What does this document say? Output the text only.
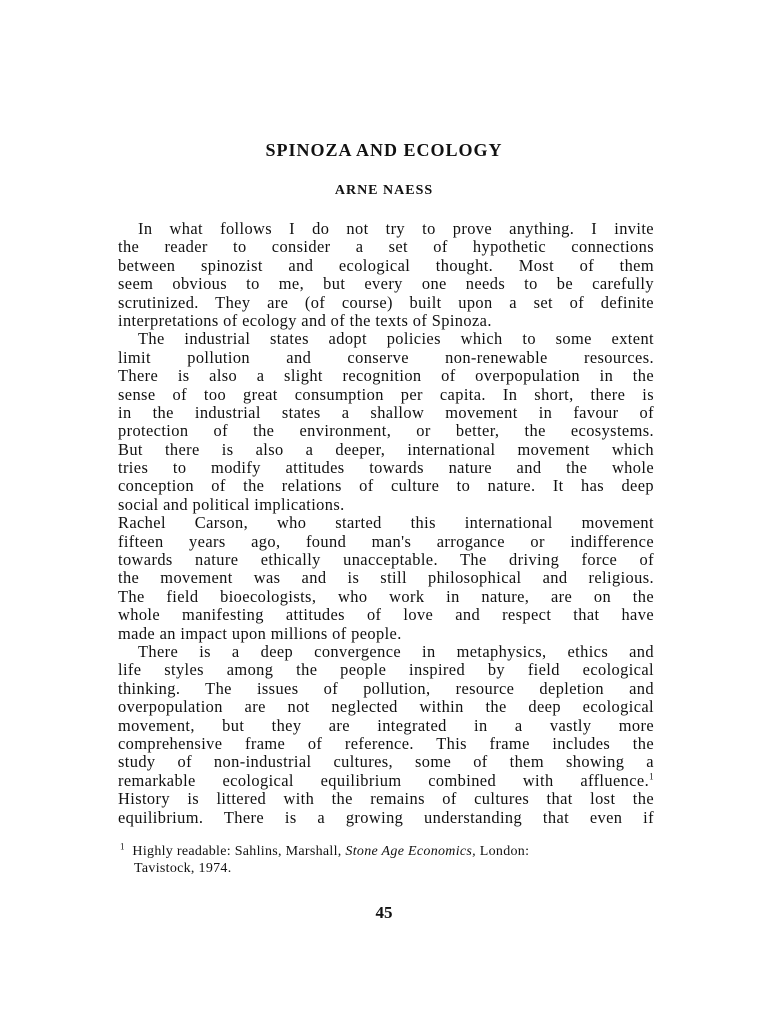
SPINOZA AND ECOLOGY
ARNE NAESS
In what follows I do not try to prove anything. I invite
the reader to consider a set of hypothetic connections
between spinozist and ecological thought. Most of them
seem obvious to me, but every one needs to be carefully
scrutinized. They are (of course) built upon a set of definite
interpretations of ecology and of the texts of Spinoza.
The industrial states adopt policies which to some extent
limit pollution and conserve non-renewable resources.
There is also a slight recognition of overpopulation in the
sense of too great consumption per capita. In short, there is
in the industrial states a shallow movement in favour of
protection of the environment, or better, the ecosystems.
But there is also a deeper, international movement which
tries to modify attitudes towards nature and the whole
conception of the relations of culture to nature. It has deep
social and political implications.
Rachel Carson, who started this international movement
fifteen years ago, found man's arrogance or indifference
towards nature ethically unacceptable. The driving force of
the movement was and is still philosophical and religious.
The field bioecologists, who work in nature, are on the
whole manifesting attitudes of love and respect that have
made an impact upon millions of people.
There is a deep convergence in metaphysics, ethics and
life styles among the people inspired by field ecological
thinking. The issues of pollution, resource depletion and
overpopulation are not neglected within the deep ecological
movement, but they are integrated in a vastly more
comprehensive frame of reference. This frame includes the
study of non-industrial cultures, some of them showing a
remarkable ecological equilibrium combined with affluence.$^1$
History is littered with the remains of cultures that lost the
equilibrium. There is a growing understanding that even if
$^1$ Highly readable: Sahlins, Marshall, Stone Age Economics, London:
Tavistock, 1974.
45
